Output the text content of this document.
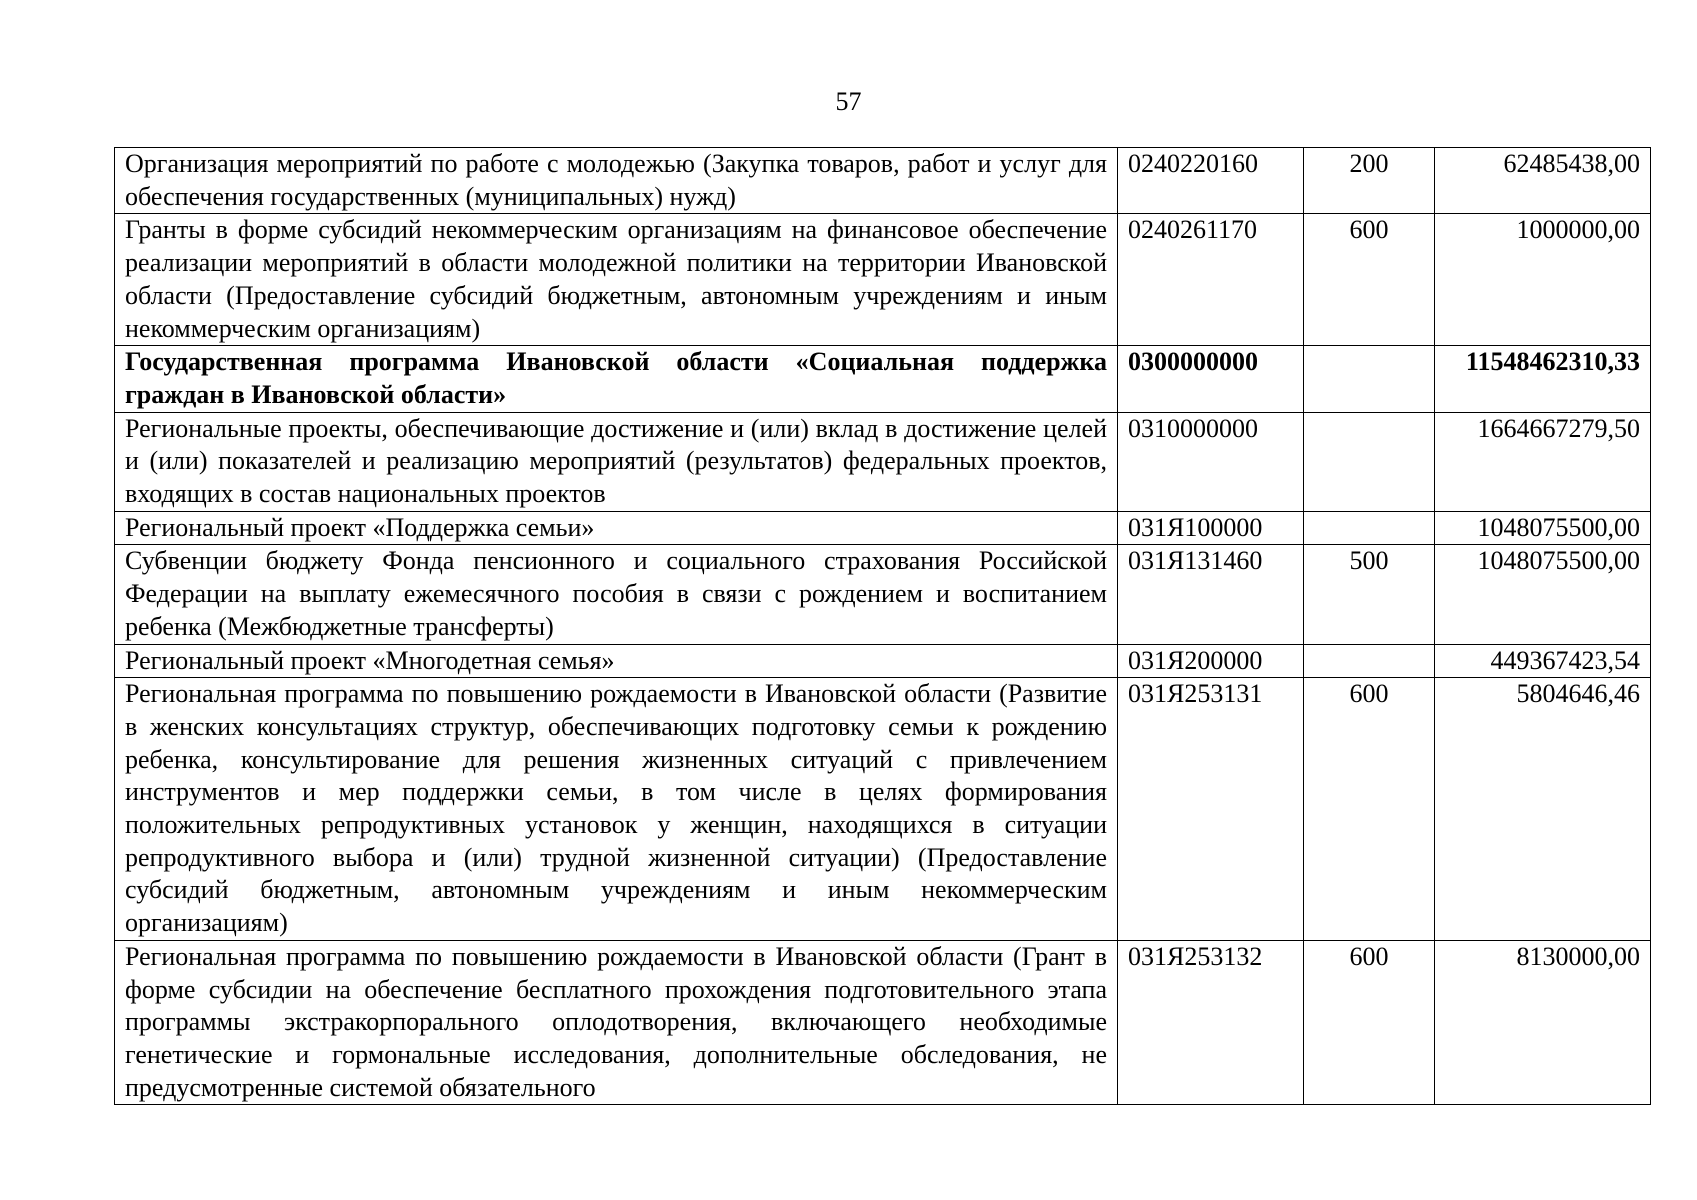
57
Организация мероприятий по работе с молодежью (Закупка товаров, работ и услуг для обеспечения государственных (муниципальных) нужд)	0240220160	200	62485438,00
Гранты в форме субсидий некоммерческим организациям на финансовое обеспечение реализации мероприятий в области молодежной политики на территории Ивановской области (Предоставление субсидий бюджетным, автономным учреждениям и иным некоммерческим организациям)	0240261170	600	1000000,00
Государственная программа Ивановской области «Социальная поддержка граждан в Ивановской области»	0300000000		11548462310,33
Региональные проекты, обеспечивающие достижение и (или) вклад в достижение целей и (или) показателей и реализацию мероприятий (результатов) федеральных проектов, входящих в состав национальных проектов	0310000000		1664667279,50
Региональный проект «Поддержка семьи»	031Я100000		1048075500,00
Субвенции бюджету Фонда пенсионного и социального страхования Российской Федерации на выплату ежемесячного пособия в связи с рождением и воспитанием ребенка (Межбюджетные трансферты)	031Я131460	500	1048075500,00
Региональный проект «Многодетная семья»	031Я200000		449367423,54
Региональная программа по повышению рождаемости в Ивановской области (Развитие в женских консультациях структур, обеспечивающих подготовку семьи к рождению ребенка, консультирование для решения жизненных ситуаций с привлечением инструментов и мер поддержки семьи, в том числе в целях формирования положительных репродуктивных установок у женщин, находящихся в ситуации репродуктивного выбора и (или) трудной жизненной ситуации) (Предоставление субсидий бюджетным, автономным учреждениям и иным некоммерческим организациям)	031Я253131	600	5804646,46
Региональная программа по повышению рождаемости в Ивановской области (Грант в форме субсидии на обеспечение бесплатного прохождения подготовительного этапа программы экстракорпорального оплодотворения, включающего необходимые генетические и гормональные исследования, дополнительные обследования, не предусмотренные системой обязательного	031Я253132	600	8130000,00
